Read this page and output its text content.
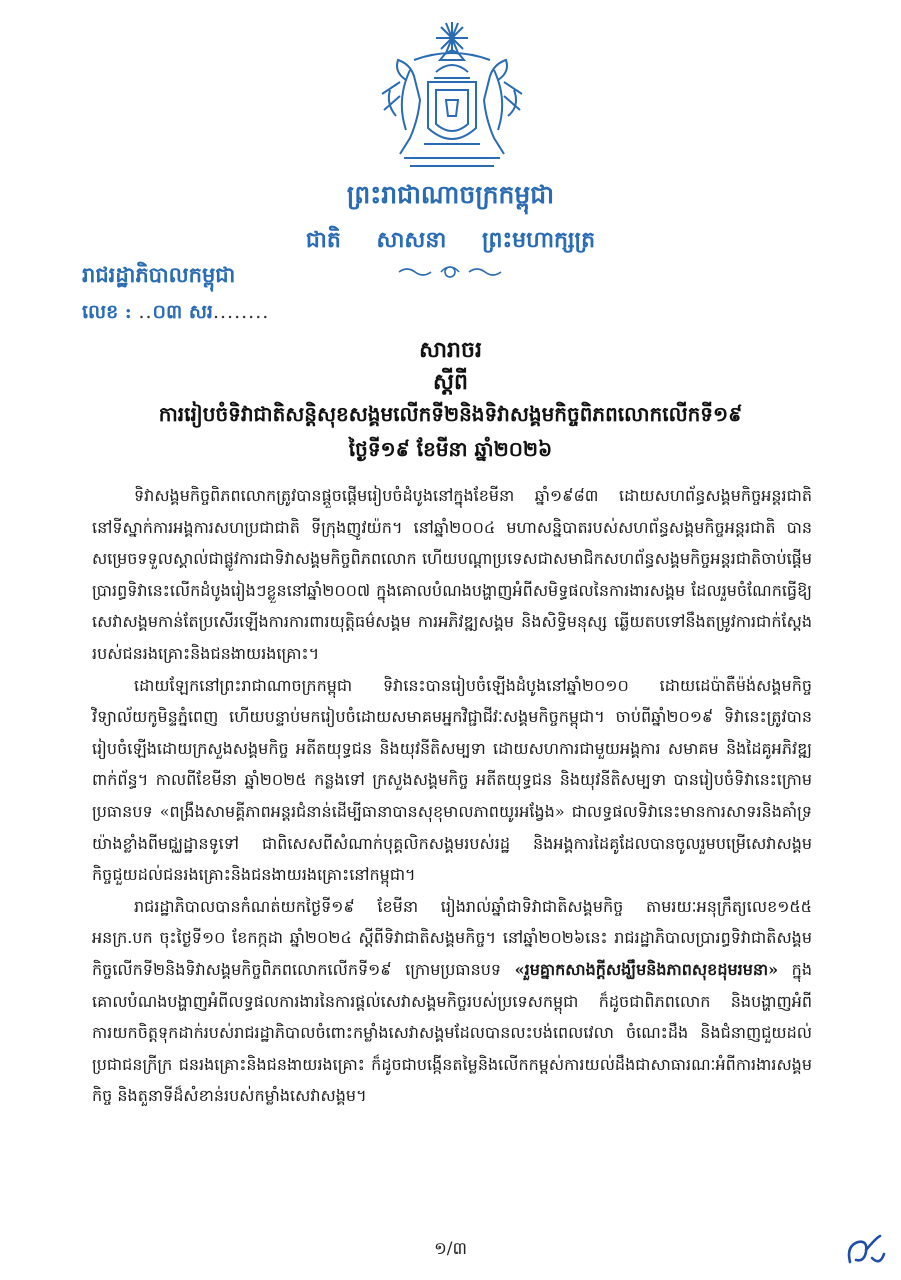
ព្រះរាជាណាចក្រកម្ពុជា
ជាតិ សាសនា ព្រះមហាក្សត្រ
រាជរដ្ឋាភិបាលកម្ពុជា
លេខ : ..០៣ សរ........
សារាចរ
ស្ដីពី
ការរៀបចំទិវាជាតិសន្តិសុខសង្គមលើកទី២និងទិវាសង្គមកិច្ចពិភពលោកលើកទី១៩
ថ្ងៃទី១៩ ខែមីនា ឆ្នាំ២០២៦

ទិវាសង្គមកិច្ចពិភពលោកត្រូវបានផ្ដួចផ្ដើមរៀបចំដំបូងនៅក្នុងខែមីនា ឆ្នាំ១៩៨៣ ដោយសហព័ន្ធសង្គមកិច្ចអន្តរជាតិ នៅទីស្នាក់ការអង្គការសហប្រជាជាតិ ទីក្រុងញូវយ៉ក។ នៅឆ្នាំ២០០៤ មហាសន្និបាតរបស់សហព័ន្ធសង្គមកិច្ចអន្តរជាតិ បានសម្រេចទទួលស្គាល់ជាផ្លូវការជាទិវាសង្គមកិច្ចពិភពលោក ហើយបណ្ដាប្រទេសជាសមាជិកសហព័ន្ធសង្គមកិច្ចអន្តរជាតិចាប់ផ្ដើមប្រារព្ធទិវានេះលើកដំបូងរៀងៗខ្លួននៅឆ្នាំ២០០៧ ក្នុងគោលបំណងបង្ហាញអំពីសមិទ្ធផលនៃការងារសង្គម ដែលរួមចំណែកធ្វើឱ្យសេវាសង្គមកាន់តែប្រសើរឡើងការការពារយុត្តិធម៌សង្គម ការអភិវឌ្ឍសង្គម និងសិទ្ធិមនុស្ស ឆ្លើយតបទៅនឹងតម្រូវការជាក់ស្ដែងរបស់ជនរងគ្រោះនិងជនងាយរងគ្រោះ។

ដោយឡែកនៅព្រះរាជាណាចក្រកម្ពុជា ទិវានេះបានរៀបចំឡើងដំបូងនៅឆ្នាំ២០១០ ដោយដេប៉ាតឺម៉ង់សង្គមកិច្ចវិទ្យាល័យកូមិន្ទភ្នំពេញ ហើយបន្ទាប់មករៀបចំដោយសមាគមអ្នកវិជ្ជាជីវៈសង្គមកិច្ចកម្ពុជា។ ចាប់ពីឆ្នាំ២០១៩ ទិវានេះត្រូវបានរៀបចំឡើងដោយក្រសួងសង្គមកិច្ច អតីតយុទ្ធជន និងយុវនីតិសម្បទា ដោយសហការជាមួយអង្គការ សមាគម និងដៃគូអភិវឌ្ឍពាក់ព័ន្ធ។ កាលពីខែមីនា ឆ្នាំ២០២៥ កន្លងទៅ ក្រសួងសង្គមកិច្ច អតីតយុទ្ធជន និងយុវនីតិសម្បទា បានរៀបចំទិវានេះក្រោមប្រធានបទ «ពង្រឹងសាមគ្គីភាពអន្តរជំនាន់ដើម្បីធានាបានសុខុមាលភាពយូរអង្វែង» ជាលទ្ធផលទិវានេះមានការសាទរនិងគាំទ្រយ៉ាងខ្លាំងពីមជ្ឈដ្ឋានទូទៅ ជាពិសេសពីសំណាក់បុគ្គលិកសង្គមរបស់រដ្ឋ និងអង្គការដៃគូដែលបានចូលរួមបម្រើសេវាសង្គមកិច្ចជួយដល់ជនរងគ្រោះនិងជនងាយរងគ្រោះនៅកម្ពុជា។

រាជរដ្ឋាភិបាលបានកំណត់យកថ្ងៃទី១៩ ខែមីនា រៀងរាល់ឆ្នាំជាទិវាជាតិសង្គមកិច្ច តាមរយៈអនុក្រឹត្យលេខ១៥៥ អនក្រ.បក ចុះថ្ងៃទី១០ ខែកក្កដា ឆ្នាំ២០២៤ ស្ដីពីទិវាជាតិសង្គមកិច្ច។ នៅឆ្នាំ២០២៦នេះ រាជរដ្ឋាភិបាលប្រារព្ធទិវាជាតិសង្គមកិច្ចលើកទី២និងទិវាសង្គមកិច្ចពិភពលោកលើកទី១៩ ក្រោមប្រធានបទ «រួមគ្នាកសាងក្ដីសង្ឃឹមនិងភាពសុខដុមរមនា» ក្នុងគោលបំណងបង្ហាញអំពីលទ្ធផលការងារនៃការផ្ដល់សេវាសង្គមកិច្ចរបស់ប្រទេសកម្ពុជា ក៏ដូចជាពិភពលោក និងបង្ហាញអំពីការយកចិត្តទុកដាក់របស់រាជរដ្ឋាភិបាលចំពោះកម្លាំងសេវាសង្គមដែលបានលះបង់ពេលវេលា ចំណេះដឹង និងជំនាញជួយដល់ប្រជាជនក្រីក្រ ជនរងគ្រោះនិងជនងាយរងគ្រោះ ក៏ដូចជាបង្កើនតម្លៃនិងលើកកម្ពស់ការយល់ដឹងជាសាធារណៈអំពីការងារសង្គមកិច្ច និងតួនាទីដ៏សំខាន់របស់កម្លាំងសេវាសង្គម។

១/៣
